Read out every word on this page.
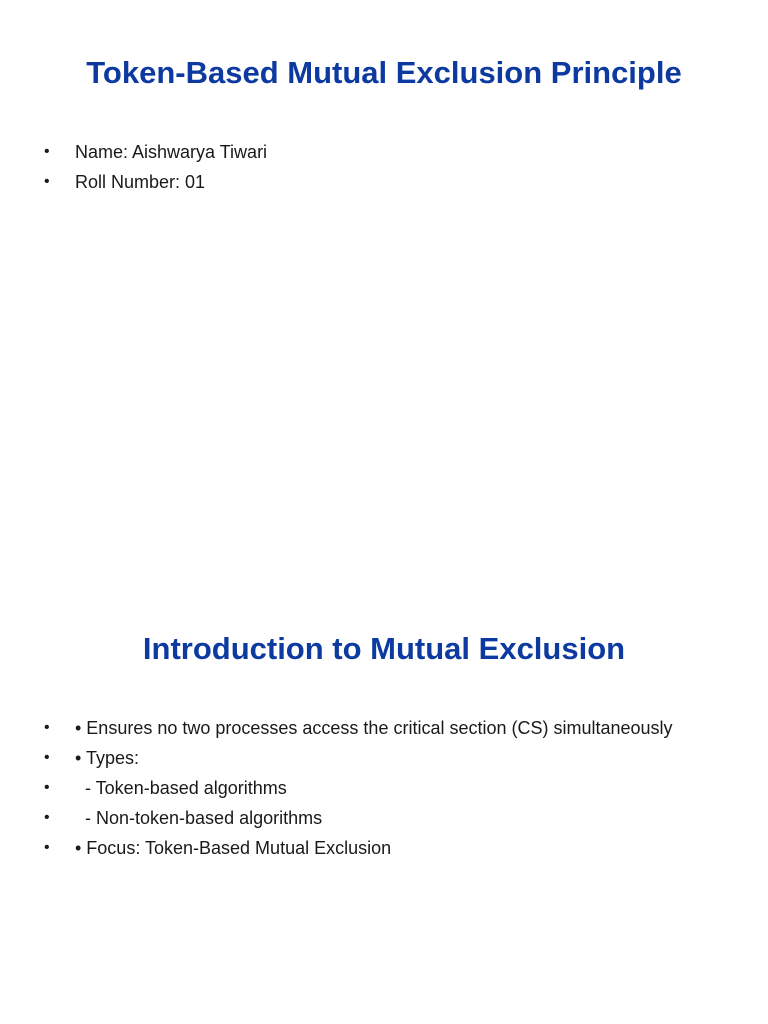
Token-Based Mutual Exclusion Principle

•

	Name: Aishwarya Tiwari

•

	Roll Number: 01

Introduction to Mutual Exclusion

•

	• Ensures no two processes access the critical section (CS) simultaneously

•

	• Types:

•

	- Token-based algorithms

•

	- Non-token-based algorithms

•

	• Focus: Token-Based Mutual Exclusion
